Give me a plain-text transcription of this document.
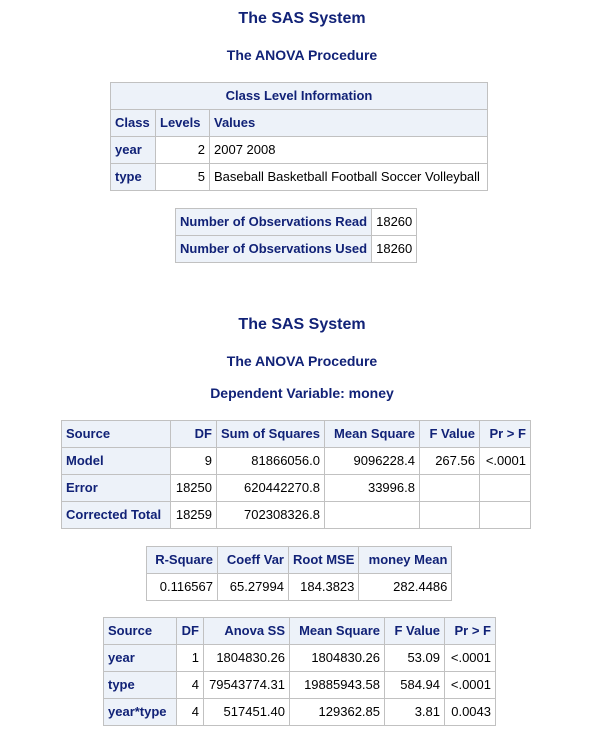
The SAS System
The ANOVA Procedure
Class Level Information		
Class	Levels	Values
year	2	2007 2008
type	5	Baseball Basketball Football Soccer Volleyball
Number of Observations Read	18260
Number of Observations Used	18260
The SAS System
The ANOVA Procedure
Dependent Variable: money
Source	DF	Sum of Squares	Mean Square	F Value	Pr > F
Model	9	81866056.0	9096228.4	267.56	<.0001
Error	18250	620442270.8	33996.8		
Corrected Total	18259	702308326.8			
R-Square	Coeff Var	Root MSE	money Mean
0.116567	65.27994	184.3823	282.4486
Source	DF	Anova SS	Mean Square	F Value	Pr > F
year	1	1804830.26	1804830.26	53.09	<.0001
type	4	79543774.31	19885943.58	584.94	<.0001
year*type	4	517451.40	129362.85	3.81	0.0043
